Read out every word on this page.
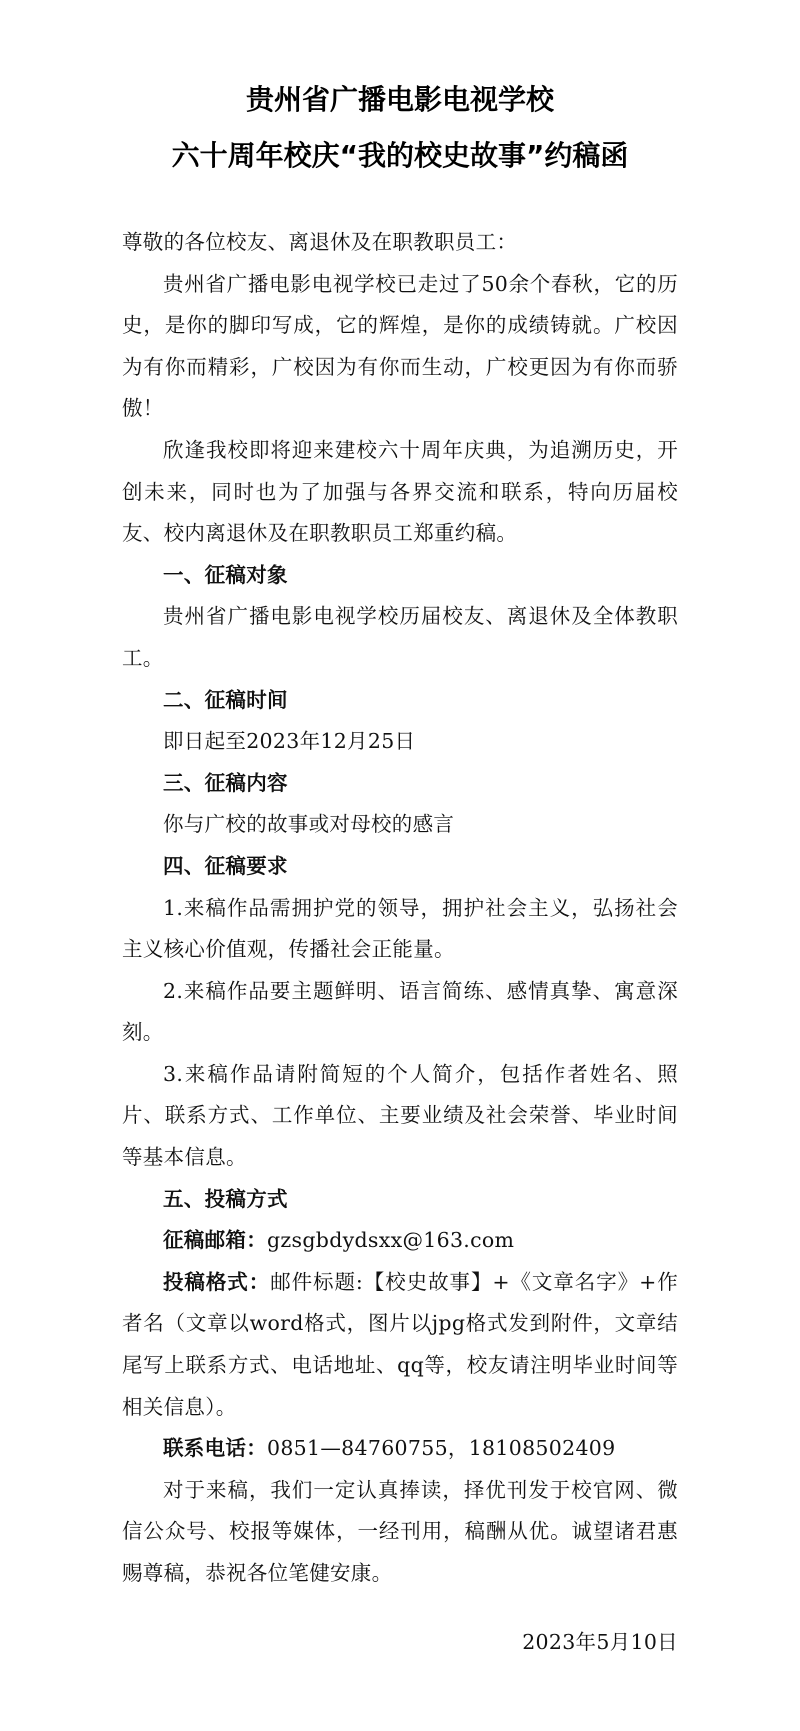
贵州省广播电影电视学校
六十周年校庆“我的校史故事”约稿函

尊敬的各位校友、离退休及在职教职员工：

贵州省广播电影电视学校已走过了50余个春秋，它的历史，是你的脚印写成，它的辉煌，是你的成绩铸就。广校因为有你而精彩，广校因为有你而生动，广校更因为有你而骄傲！

欣逢我校即将迎来建校六十周年庆典，为追溯历史，开创未来，同时也为了加强与各界交流和联系，特向历届校友、校内离退休及在职教职员工郑重约稿。

一、征稿对象

贵州省广播电影电视学校历届校友、离退休及全体教职工。

二、征稿时间

即日起至2023年12月25日

三、征稿内容

你与广校的故事或对母校的感言

四、征稿要求

1.来稿作品需拥护党的领导，拥护社会主义，弘扬社会主义核心价值观，传播社会正能量。

2.来稿作品要主题鲜明、语言简练、感情真挚、寓意深刻。

3.来稿作品请附简短的个人简介，包括作者姓名、照片、联系方式、工作单位、主要业绩及社会荣誉、毕业时间等基本信息。

五、投稿方式

征稿邮箱：gzsgbdydsxx@163.com

投稿格式：邮件标题:【校史故事】+《文章名字》+作者名（文章以word格式，图片以jpg格式发到附件，文章结尾写上联系方式、电话地址、qq等，校友请注明毕业时间等相关信息）。

联系电话：0851—84760755，18108502409

对于来稿，我们一定认真捧读，择优刊发于校官网、微信公众号、校报等媒体，一经刊用，稿酬从优。诚望诸君惠赐尊稿，恭祝各位笔健安康。

2023年5月10日
